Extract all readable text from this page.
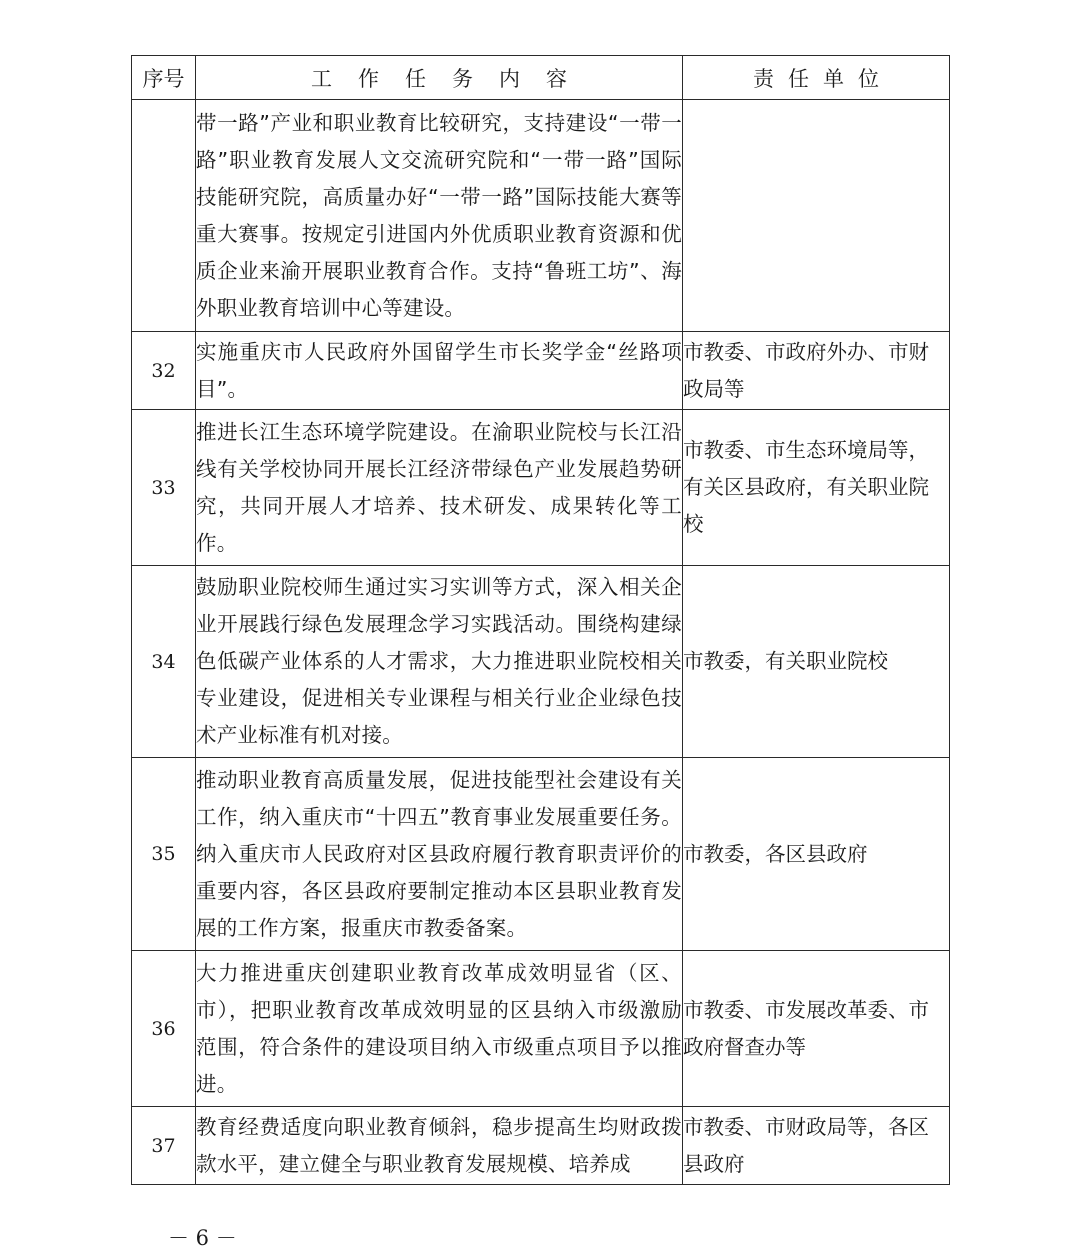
序号	工作任务内容	责任单位
	带一路”产业和职业教育比较研究，支持建设“一带一路”职业教育发展人文交流研究院和“一带一路”国际技能研究院，高质量办好“一带一路”国际技能大赛等重大赛事。按规定引进国内外优质职业教育资源和优质企业来渝开展职业教育合作。支持“鲁班工坊”、海外职业教育培训中心等建设。	
32	实施重庆市人民政府外国留学生市长奖学金“丝路项目”。	市教委、市政府外办、市财政局等
33	推进长江生态环境学院建设。在渝职业院校与长江沿线有关学校协同开展长江经济带绿色产业发展趋势研究，共同开展人才培养、技术研发、成果转化等工作。	市教委、市生态环境局等，有关区县政府，有关职业院校
34	鼓励职业院校师生通过实习实训等方式，深入相关企业开展践行绿色发展理念学习实践活动。围绕构建绿色低碳产业体系的人才需求，大力推进职业院校相关专业建设，促进相关专业课程与相关行业企业绿色技术产业标准有机对接。	市教委，有关职业院校
35	推动职业教育高质量发展，促进技能型社会建设有关工作，纳入重庆市“十四五”教育事业发展重要任务。纳入重庆市人民政府对区县政府履行教育职责评价的重要内容，各区县政府要制定推动本区县职业教育发展的工作方案，报重庆市教委备案。	市教委，各区县政府
36	大力推进重庆创建职业教育改革成效明显省（区、市），把职业教育改革成效明显的区县纳入市级激励范围，符合条件的建设项目纳入市级重点项目予以推进。	市教委、市发展改革委、市政府督查办等
37	教育经费适度向职业教育倾斜，稳步提高生均财政拨款水平，建立健全与职业教育发展规模、培养成	市教委、市财政局等，各区县政府
－ 6 －
